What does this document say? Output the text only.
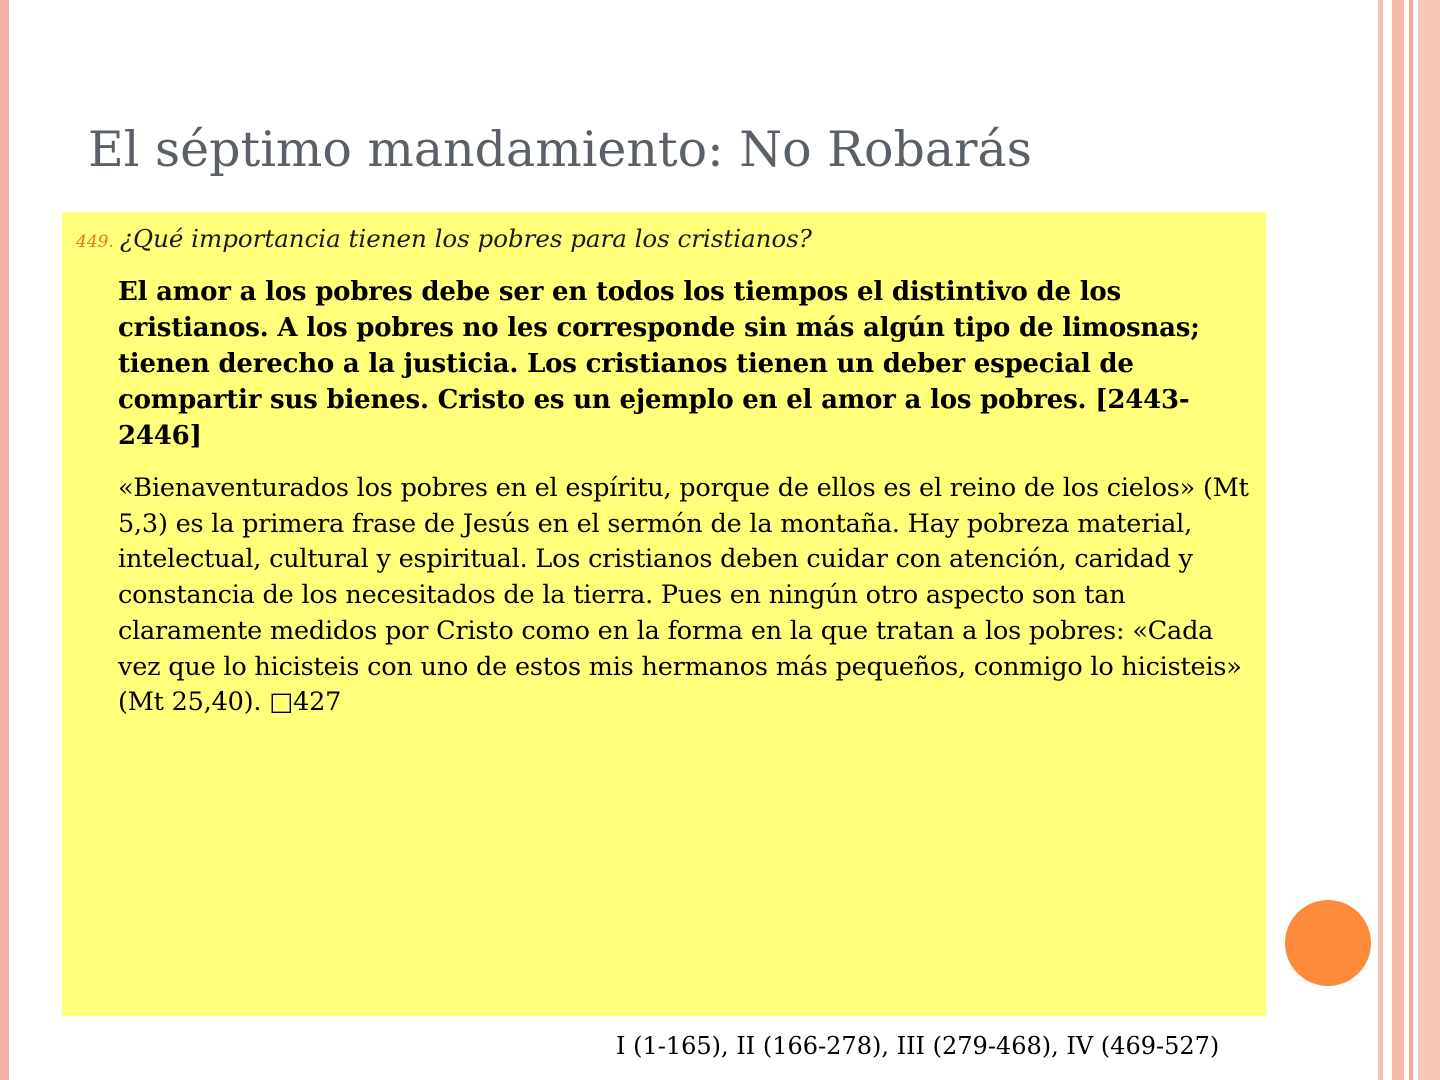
El séptimo mandamiento: No Robarás
449. ¿Qué importancia tienen los pobres para los cristianos?

El amor a los pobres debe ser en todos los tiempos el distintivo de los cristianos. A los pobres no les corresponde sin más algún tipo de limosnas; tienen derecho a la justicia. Los cristianos tienen un deber especial de compartir sus bienes. Cristo es un ejemplo en el amor a los pobres. [2443-2446]

«Bienaventurados los pobres en el espíritu, porque de ellos es el reino de los cielos» (Mt 5,3) es la primera frase de Jesús en el sermón de la montaña. Hay pobreza material, intelectual, cultural y espiritual. Los cristianos deben cuidar con atención, caridad y constancia de los necesitados de la tierra. Pues en ningún otro aspecto son tan claramente medidos por Cristo como en la forma en la que tratan a los pobres: «Cada vez que lo hicisteis con uno de estos mis hermanos más pequeños, conmigo lo hicisteis» (Mt 25,40). □427

I (1-165), II (166-278), III (279-468), IV (469-527)
